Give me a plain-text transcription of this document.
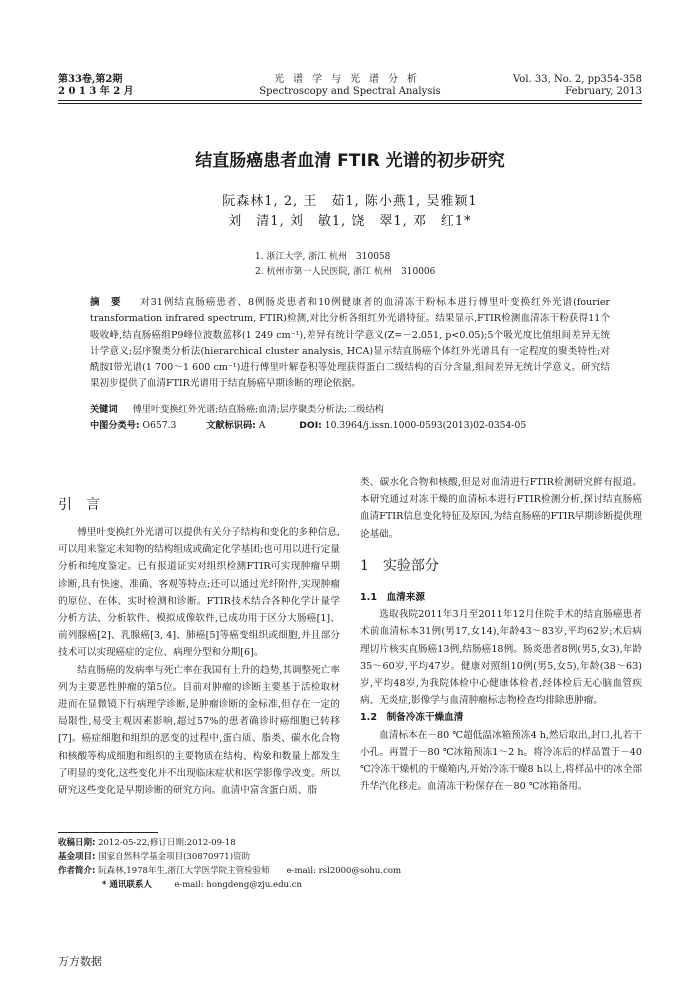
第33卷,第2期
2 0 1 3 年 2 月
光谱学与光谱分析
Spectroscopy and Spectral Analysis
Vol. 33, No. 2, pp354-358
February, 2013
结直肠癌患者血清 FTIR 光谱的初步研究
阮森林1, 2, 王　茹1, 陈小燕1, 吴雅颖1
刘　清1, 刘　敏1, 饶　翠1, 邓　红1*
1. 浙江大学, 浙江 杭州　310058
2. 杭州市第一人民医院, 浙江 杭州　310006
摘　要 　 对31例结直肠癌患者、8例肠炎患者和10例健康者的血清冻干粉标本进行傅里叶变换红外光谱(fourier transformation infrared spectrum, FTIR)检测,对比分析各组红外光谱特征。结果显示,FTIR检测血清冻干粉获得11个吸收峰,结直肠癌组P9峰位波数蓝移(1 249 cm⁻¹),差异有统计学意义(Z=－2.051, p<0.05);5个吸光度比值组间差异无统计学意义;层序聚类分析法(hierarchical cluster analysis, HCA)显示结直肠癌个体红外光谱具有一定程度的聚类特性;对酰胺Ⅰ带光谱(1 700～1 600 cm⁻¹)进行傅里叶解卷积等处理获得蛋白二级结构的百分含量,组间差异无统计学意义。研究结果初步提供了血清FTIR光谱用于结直肠癌早期诊断的理论依据。
关键词 　 傅里叶变换红外光谱;结直肠癌;血清;层序聚类分析法;二级结构
中图分类号: O657.3	文献标识码: A	DOI: 10.3964/j.issn.1000-0593(2013)02-0354-05
引　言

傅里叶变换红外光谱可以提供有关分子结构和变化的多种信息,可以用来鉴定未知物的结构组成或确定化学基团;也可用以进行定量分析和纯度鉴定。已有报道证实对组织检测FTIR可实现肿瘤早期诊断,具有快速、准确、客观等特点;还可以通过光纤附件,实现肿瘤的原位、在体、实时检测和诊断。FTIR技术结合各种化学计量学分析方法、分析软件、模拟成像软件,已成功用于区分大肠癌[1]、前列腺癌[2]、乳腺癌[3, 4]、肺癌[5]等癌变组织或细胞,并且部分技术可以实现癌症的定位、病理分型和分期[6]。

结直肠癌的发病率与死亡率在我国有上升的趋势,其调整死亡率列为主要恶性肿瘤的第5位。目前对肿瘤的诊断主要基于活检取材进而在显微镜下行病理学诊断,是肿瘤诊断的金标准,但存在一定的局限性,易受主观因素影响,超过57%的患者确诊时癌细胞已转移[7]。癌症细胞和组织的恶变的过程中,蛋白质、脂类、碳水化合物和核酸等构成细胞和组织的主要物质在结构、构象和数量上都发生了明显的变化,这些变化并不出现临床症状和医学影像学改变。所以研究这些变化是早期诊断的研究方向。血清中富含蛋白质、脂

类、碳水化合物和核酸,但是对血清进行FTIR检测研究鲜有报道。本研究通过对冻干燥的血清标本进行FTIR检测分析,探讨结直肠癌血清FTIR信息变化特征及原因,为结直肠癌的FTIR早期诊断提供理论基础。

1　实验部分
1.1　血清来源

选取我院2011年3月至2011年12月住院手术的结直肠癌患者术前血清标本31例(男17,女14),年龄43～83岁,平均62岁;术后病理切片核实直肠癌13例,结肠癌18例。肠炎患者8例(男5,女3),年龄35～60岁,平均47岁。健康对照组10例(男5,女5),年龄(38～63)岁,平均48岁,为我院体检中心健康体检者,经体检后无心脑血管疾病、无炎症,影像学与血清肿瘤标志物检查均排除患肿瘤。

1.2　制备冷冻干燥血清

血清标本在－80 ℃超低温冰箱预冻4 h,然后取出,封口,扎若干小孔。再置于－80 ℃冰箱预冻1～2 h。将冷冻后的样品置于－40 ℃冷冻干燥机的干燥箱内,开始冷冻干燥8 h以上,将样品中的冰全部升华汽化移走。血清冻干粉保存在－80 ℃冰箱备用。

收稿日期: 2012-05-22,修订日期:2012-09-18
基金项目: 国家自然科学基金项目(30870971)资助
作者简介: 阮森林,1978年生,浙江大学医学院主管检验师　　e-mail: rsl2000@sohu.com
* 通讯联系人 　　	e-mail: hongdeng@zju.edu.cn
万方数据
